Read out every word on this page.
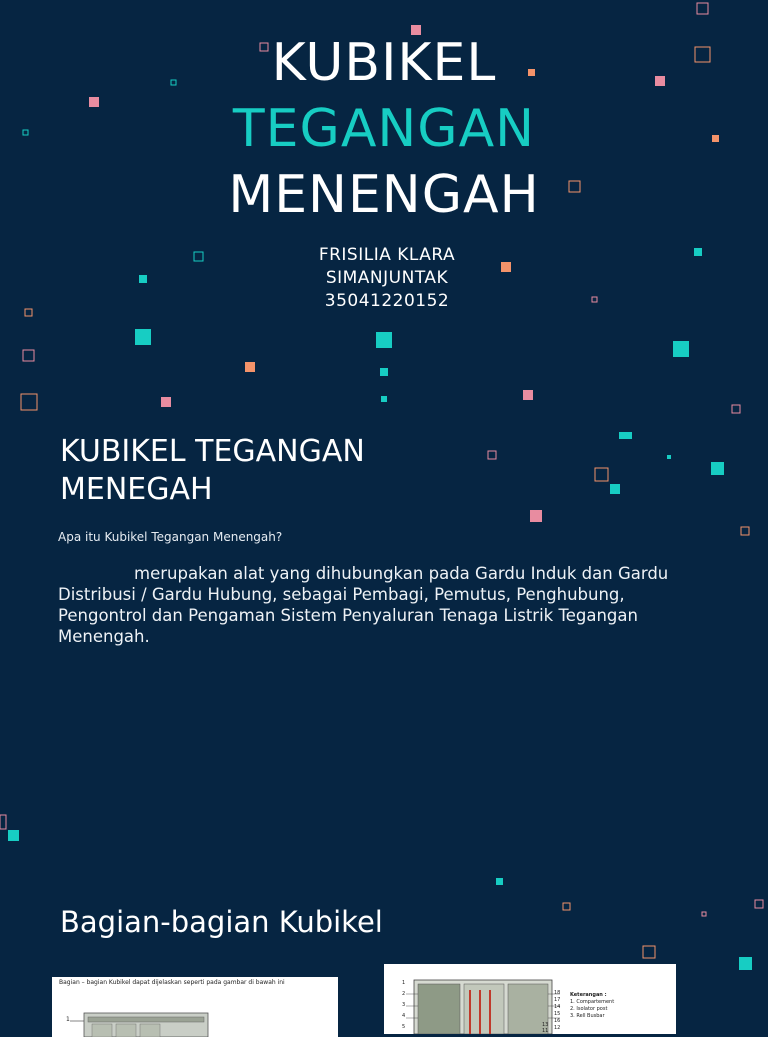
KUBIKEL
TEGANGAN
MENENGAH
FRISILIA KLARA
SIMANJUNTAK
35041220152
KUBIKEL TEGANGAN
MENEGAH
Apa itu Kubikel Tegangan Menengah?
merupakan alat yang dihubungkan pada Gardu Induk dan Gardu Distribusi / Gardu Hubung, sebagai Pembagi, Pemutus, Penghubung, Pengontrol dan Pengaman Sistem Penyaluran Tenaga Listrik Tegangan Menengah.
Bagian-bagian Kubikel
Bagian – bagian Kubikel dapat dijelaskan seperti pada gambar di bawah ini
1
1
2
3
4
5
18
17
14
15
16
12
13
11
Keterangan :
1. Compartement
2. Isolator post
3. Rell Busbar
